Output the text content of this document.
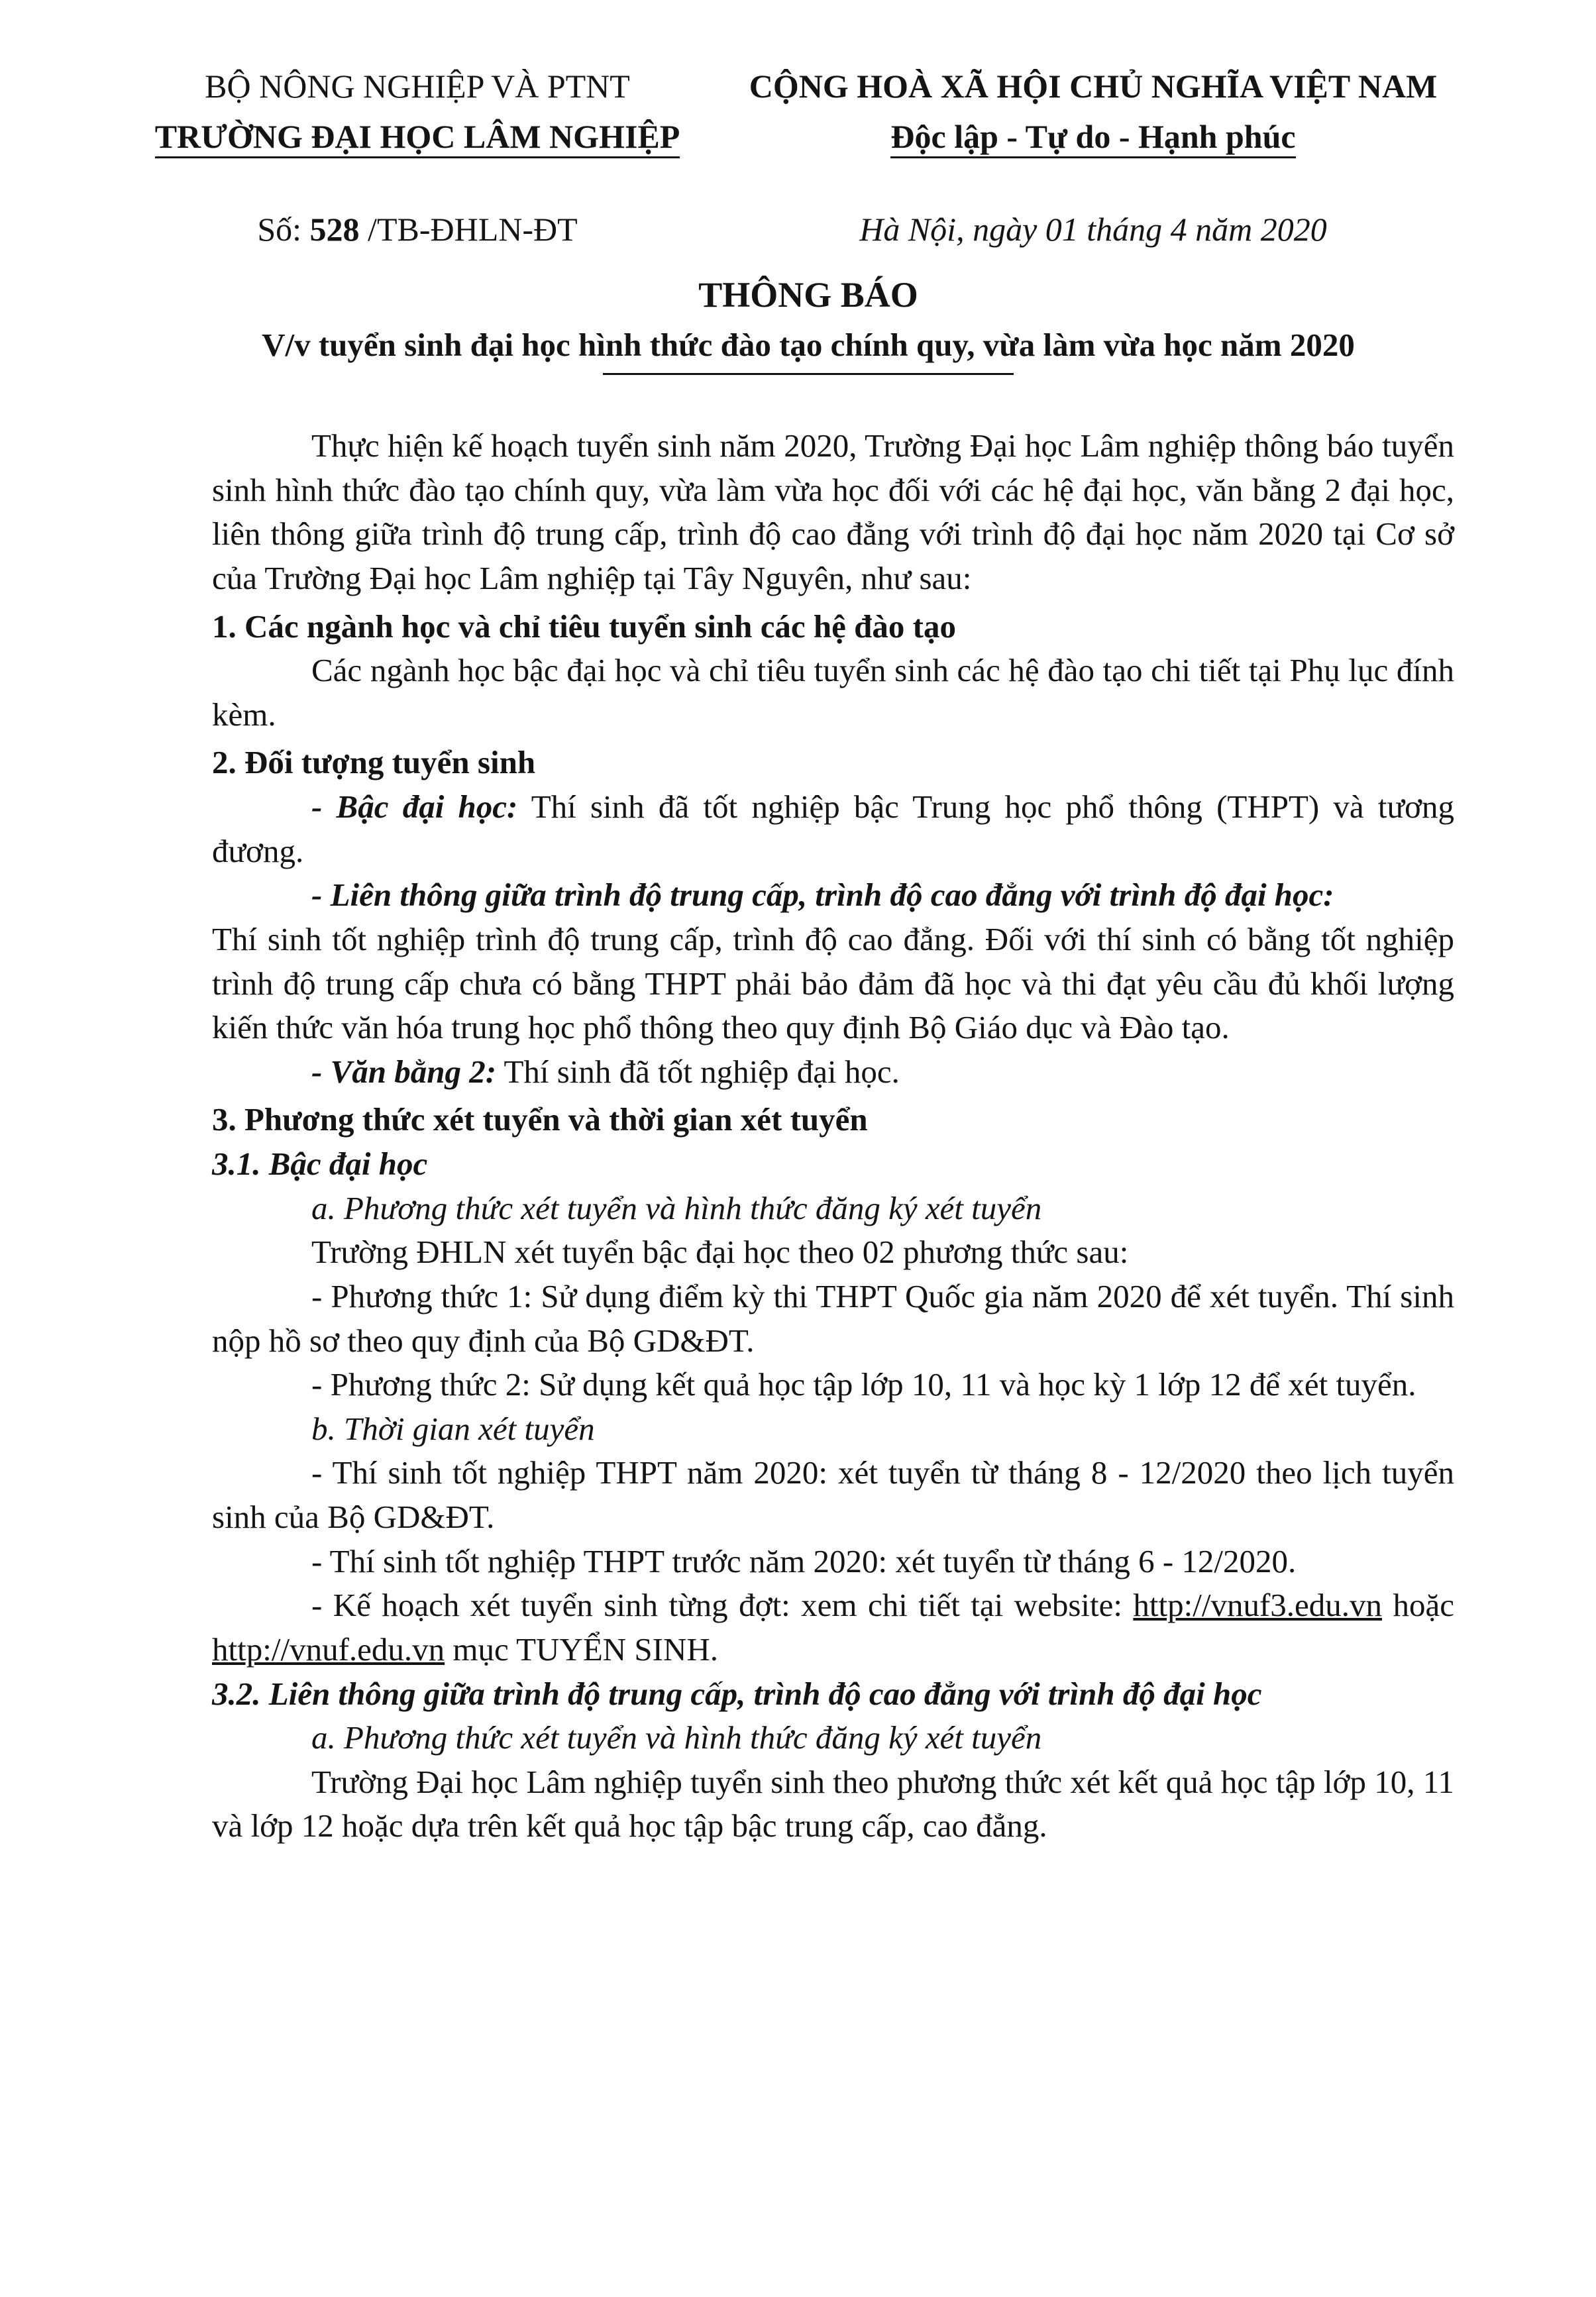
BỘ NÔNG NGHIỆP VÀ PTNT
TRƯỜNG ĐẠI HỌC LÂM NGHIỆP
Số: 528 /TB-ĐHLN-ĐT
CỘNG HOÀ XÃ HỘI CHỦ NGHĨA VIỆT NAM
Độc lập - Tự do - Hạnh phúc
Hà Nội, ngày 01 tháng 4 năm 2020
THÔNG BÁO
V/v tuyển sinh đại học hình thức đào tạo chính quy, vừa làm vừa học năm 2020

Thực hiện kế hoạch tuyển sinh năm 2020, Trường Đại học Lâm nghiệp thông báo tuyển sinh hình thức đào tạo chính quy, vừa làm vừa học đối với các hệ đại học, văn bằng 2 đại học, liên thông giữa trình độ trung cấp, trình độ cao đẳng với trình độ đại học năm 2020 tại Cơ sở của Trường Đại học Lâm nghiệp tại Tây Nguyên, như sau:

1. Các ngành học và chỉ tiêu tuyển sinh các hệ đào tạo

Các ngành học bậc đại học và chỉ tiêu tuyển sinh các hệ đào tạo chi tiết tại Phụ lục đính kèm.

2. Đối tượng tuyển sinh

- Bậc đại học: Thí sinh đã tốt nghiệp bậc Trung học phổ thông (THPT) và tương đương.

- Liên thông giữa trình độ trung cấp, trình độ cao đẳng với trình độ đại học:

Thí sinh tốt nghiệp trình độ trung cấp, trình độ cao đẳng. Đối với thí sinh có bằng tốt nghiệp trình độ trung cấp chưa có bằng THPT phải bảo đảm đã học và thi đạt yêu cầu đủ khối lượng kiến thức văn hóa trung học phổ thông theo quy định Bộ Giáo dục và Đào tạo.

- Văn bằng 2: Thí sinh đã tốt nghiệp đại học.

3. Phương thức xét tuyển và thời gian xét tuyển

3.1. Bậc đại học

a. Phương thức xét tuyển và hình thức đăng ký xét tuyển

Trường ĐHLN xét tuyển bậc đại học theo 02 phương thức sau:

- Phương thức 1: Sử dụng điểm kỳ thi THPT Quốc gia năm 2020 để xét tuyển. Thí sinh nộp hồ sơ theo quy định của Bộ GD&ĐT.

- Phương thức 2: Sử dụng kết quả học tập lớp 10, 11 và học kỳ 1 lớp 12 để xét tuyển.

b. Thời gian xét tuyển

- Thí sinh tốt nghiệp THPT năm 2020: xét tuyển từ tháng 8 - 12/2020 theo lịch tuyển sinh của Bộ GD&ĐT.

- Thí sinh tốt nghiệp THPT trước năm 2020: xét tuyển từ tháng 6 - 12/2020.

- Kế hoạch xét tuyển sinh từng đợt: xem chi tiết tại website: http://vnuf3.edu.vn hoặc http://vnuf.edu.vn mục TUYỂN SINH.

3.2. Liên thông giữa trình độ trung cấp, trình độ cao đẳng với trình độ đại học

a. Phương thức xét tuyển và hình thức đăng ký xét tuyển

Trường Đại học Lâm nghiệp tuyển sinh theo phương thức xét kết quả học tập lớp 10, 11 và lớp 12 hoặc dựa trên kết quả học tập bậc trung cấp, cao đẳng.
